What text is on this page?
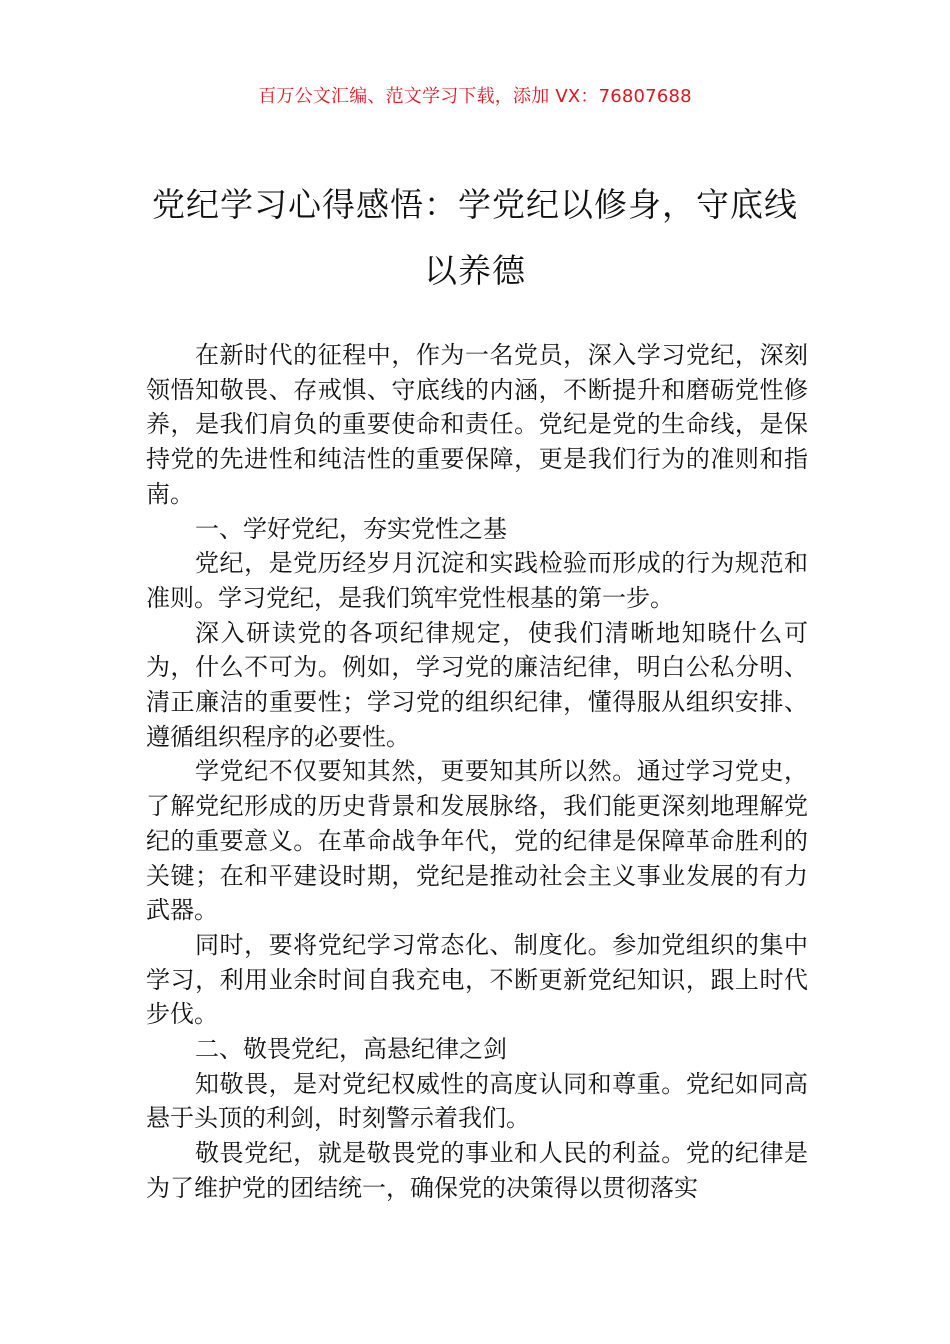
百万公文汇编、范文学习下载，添加 VX：76807688
党纪学习心得感悟：学党纪以修身，守底线以养德

在新时代的征程中，作为一名党员，深入学习党纪，深刻领悟知敬畏、存戒惧、守底线的内涵，不断提升和磨砺党性修养，是我们肩负的重要使命和责任。党纪是党的生命线，是保持党的先进性和纯洁性的重要保障，更是我们行为的准则和指南。

一、学好党纪，夯实党性之基

党纪，是党历经岁月沉淀和实践检验而形成的行为规范和准则。学习党纪，是我们筑牢党性根基的第一步。

深入研读党的各项纪律规定，使我们清晰地知晓什么可为，什么不可为。例如，学习党的廉洁纪律，明白公私分明、清正廉洁的重要性；学习党的组织纪律，懂得服从组织安排、遵循组织程序的必要性。

学党纪不仅要知其然，更要知其所以然。通过学习党史，了解党纪形成的历史背景和发展脉络，我们能更深刻地理解党纪的重要意义。在革命战争年代，党的纪律是保障革命胜利的关键；在和平建设时期，党纪是推动社会主义事业发展的有力武器。

同时，要将党纪学习常态化、制度化。参加党组织的集中学习，利用业余时间自我充电，不断更新党纪知识，跟上时代步伐。

二、敬畏党纪，高悬纪律之剑

知敬畏，是对党纪权威性的高度认同和尊重。党纪如同高悬于头顶的利剑，时刻警示着我们。

敬畏党纪，就是敬畏党的事业和人民的利益。党的纪律是为了维护党的团结统一，确保党的决策得以贯彻落实
